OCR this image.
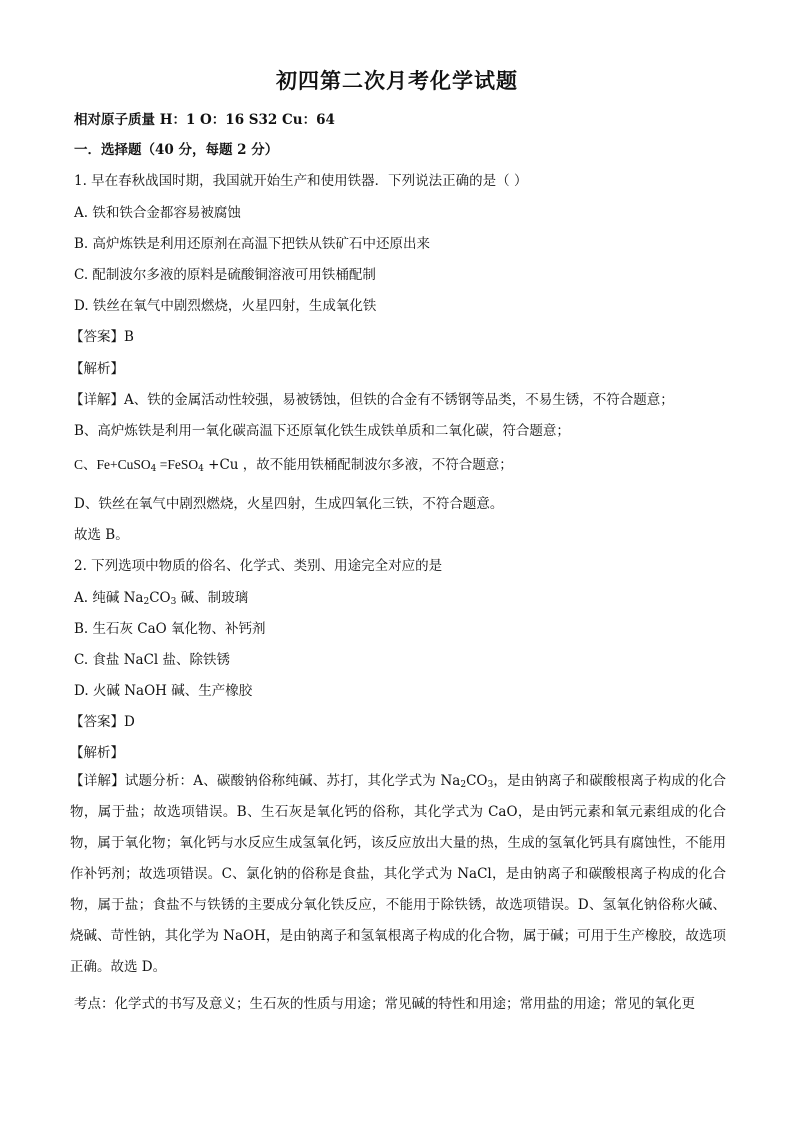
初四第二次月考化学试题
相对原子质量 H：1 O：16 S32 Cu：64
一．选择题（40 分，每题 2 分）
1. 早在春秋战国时期，我国就开始生产和使用铁器．下列说法正确的是（ ）
A. 铁和铁合金都容易被腐蚀
B. 高炉炼铁是利用还原剂在高温下把铁从铁矿石中还原出来
C. 配制波尔多液的原料是硫酸铜溶液可用铁桶配制
D. 铁丝在氧气中剧烈燃烧，火星四射，生成氧化铁
【答案】B
【解析】
【详解】A、铁的金属活动性较强，易被锈蚀，但铁的合金有不锈钢等品类，不易生锈，不符合题意；
B、高炉炼铁是利用一氧化碳高温下还原氧化铁生成铁单质和二氧化碳，符合题意；
C、Fe+CuSO$_4$ =FeSO$_4$ +Cu ，故不能用铁桶配制波尔多液，不符合题意；
D、铁丝在氧气中剧烈燃烧，火星四射，生成四氧化三铁，不符合题意。
故选 B。
2. 下列选项中物质的俗名、化学式、类别、用途完全对应的是
A. 纯碱 $Na_2CO_3$ 碱、制玻璃
B. 生石灰 CaO 氧化物、补钙剂
C. 食盐 NaCl 盐、除铁锈
D. 火碱 NaOH 碱、生产橡胶
【答案】D
【解析】
【详解】试题分析：A、碳酸钠俗称纯碱、苏打，其化学式为 $Na_2CO_3$，是由钠离子和碳酸根离子构成的化合物，属于盐；故选项错误。B、生石灰是氧化钙的俗称，其化学式为 CaO，是由钙元素和氧元素组成的化合物，属于氧化物；氧化钙与水反应生成氢氧化钙，该反应放出大量的热，生成的氢氧化钙具有腐蚀性，不能用作补钙剂；故选项错误。C、氯化钠的俗称是食盐，其化学式为 NaCl，是由钠离子和碳酸根离子构成的化合物，属于盐；食盐不与铁锈的主要成分氧化铁反应，不能用于除铁锈，故选项错误。D、氢氧化钠俗称火碱、烧碱、苛性钠，其化学为 NaOH，是由钠离子和氢氧根离子构成的化合物，属于碱；可用于生产橡胶，故选项正确。故选 D。
考点：化学式的书写及意义；生石灰的性质与用途；常见碱的特性和用途；常用盐的用途；常见的氧化更
